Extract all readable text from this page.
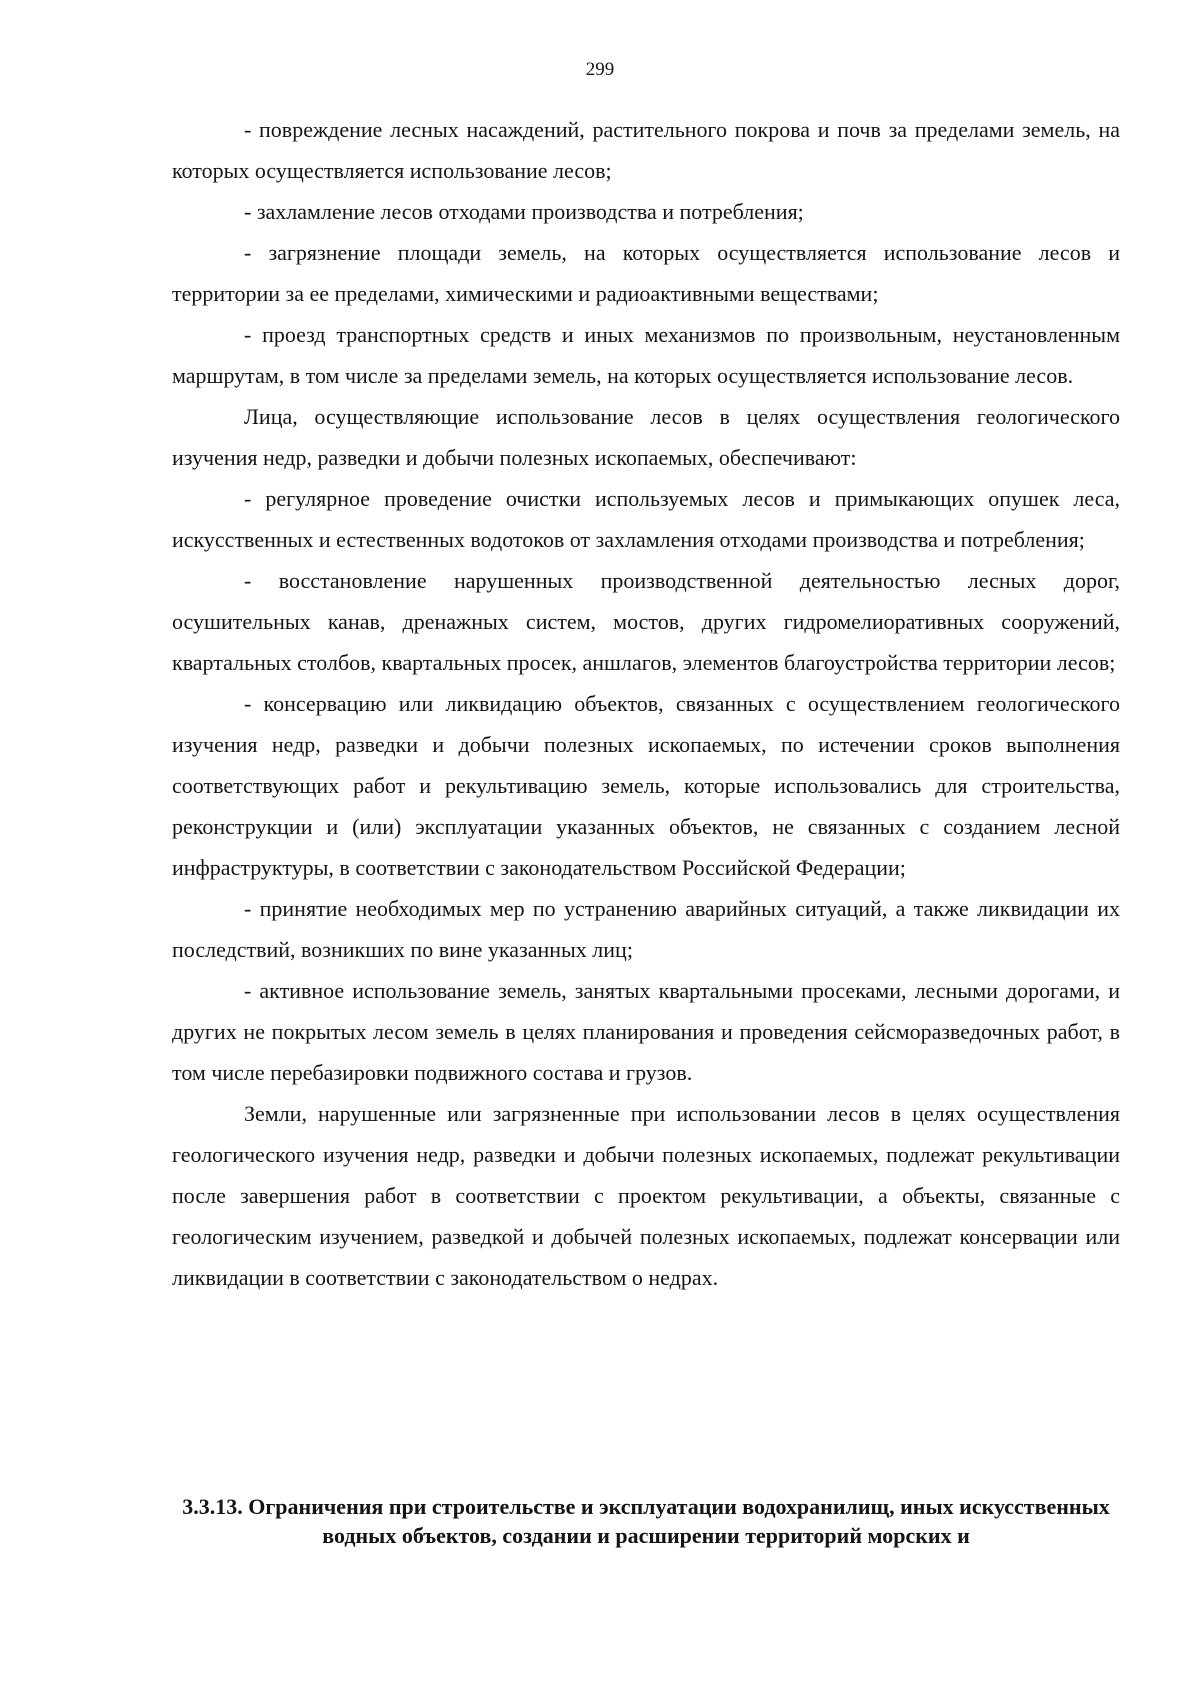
299

- повреждение лесных насаждений, растительного покрова и почв за пределами земель, на которых осуществляется использование лесов;

- захламление лесов отходами производства и потребления;

- загрязнение площади земель, на которых осуществляется использование лесов и территории за ее пределами, химическими и радиоактивными веществами;

- проезд транспортных средств и иных механизмов по произвольным, неустановленным маршрутам, в том числе за пределами земель, на которых осуществляется использование лесов.

Лица, осуществляющие использование лесов в целях осуществления геологического изучения недр, разведки и добычи полезных ископаемых, обеспечивают:

- регулярное проведение очистки используемых лесов и примыкающих опушек леса, искусственных и естественных водотоков от захламления отходами производства и потребления;

- восстановление нарушенных производственной деятельностью лесных дорог, осушительных канав, дренажных систем, мостов, других гидромелиоративных сооружений, квартальных столбов, квартальных просек, аншлагов, элементов благоустройства территории лесов;

- консервацию или ликвидацию объектов, связанных с осуществлением геологического изучения недр, разведки и добычи полезных ископаемых, по истечении сроков выполнения соответствующих работ и рекультивацию земель, которые использовались для строительства, реконструкции и (или) эксплуатации указанных объектов, не связанных с созданием лесной инфраструктуры, в соответствии с законодательством Российской Федерации;

- принятие необходимых мер по устранению аварийных ситуаций, а также ликвидации их последствий, возникших по вине указанных лиц;

- активное использование земель, занятых квартальными просеками, лесными дорогами, и других не покрытых лесом земель в целях планирования и проведения сейсморазведочных работ, в том числе перебазировки подвижного состава и грузов.

Земли, нарушенные или загрязненные при использовании лесов в целях осуществления геологического изучения недр, разведки и добычи полезных ископаемых, подлежат рекультивации после завершения работ в соответствии с проектом рекультивации, а объекты, связанные с геологическим изучением, разведкой и добычей полезных ископаемых, подлежат консервации или ликвидации в соответствии с законодательством о недрах.

3.3.13. Ограничения при строительстве и эксплуатации водохранилищ, иных искусственных водных объектов, создании и расширении территорий морских и
